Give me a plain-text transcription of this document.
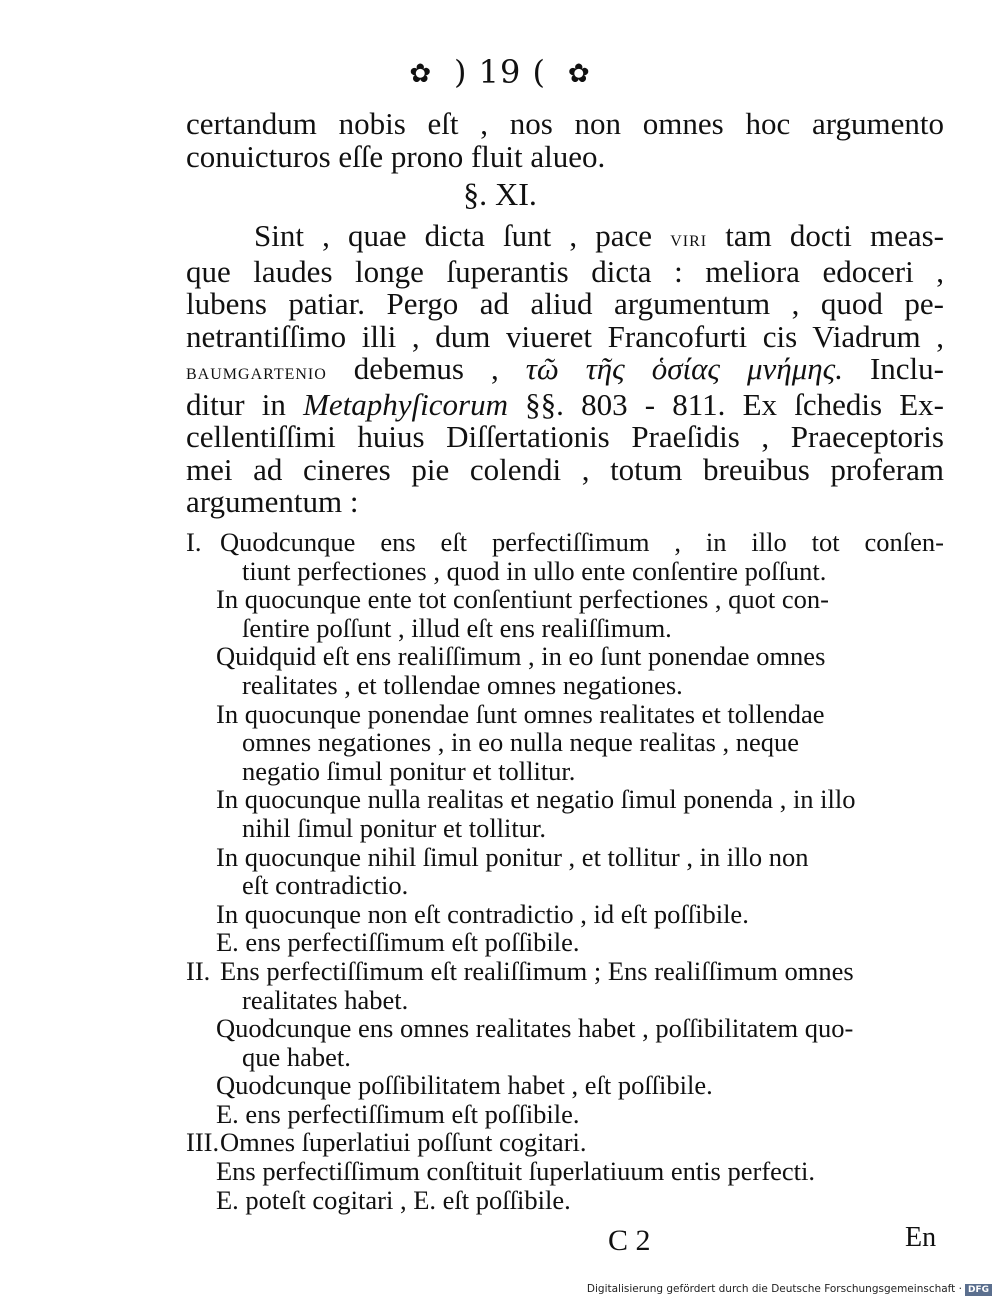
✿ ) 19 ( ✿
certandum nobis eſt , nos non omnes hoc argumento
conuicturos eſſe prono fluit alueo.
§. XI.
Sint , quae dicta ſunt , pace viri tam docti meas-
que laudes longe ſuperantis dicta : meliora edoceri ,
lubens patiar. Pergo ad aliud argumentum , quod pe-
netrantiſſimo illi , dum viueret Francofurti cis Viadrum ,
baumgartenio debemus , τῶ τῆς ὁσίας μνήμης. Inclu-
ditur in Metaphyſicorum §§. 803 - 811. Ex ſchedis Ex-
cellentiſſimi huius Diſſertationis Praeſidis , Praeceptoris
mei ad cineres pie colendi , totum breuibus proferam
argumentum :
I. Quodcunque ens eſt perfectiſſimum , in illo tot conſen-
tiunt perfectiones , quod in ullo ente conſentire poſſunt.
In quocunque ente tot conſentiunt perfectiones , quot con-
ſentire poſſunt , illud eſt ens realiſſimum.
Quidquid eſt ens realiſſimum , in eo ſunt ponendae omnes
realitates , et tollendae omnes negationes.
In quocunque ponendae ſunt omnes realitates et tollendae
omnes negationes , in eo nulla neque realitas , neque
negatio ſimul ponitur et tollitur.
In quocunque nulla realitas et negatio ſimul ponenda , in illo
nihil ſimul ponitur et tollitur.
In quocunque nihil ſimul ponitur , et tollitur , in illo non
eſt contradictio.
In quocunque non eſt contradictio , id eſt poſſibile.
E. ens perfectiſſimum eſt poſſibile.
II. Ens perfectiſſimum eſt realiſſimum ; Ens realiſſimum omnes
realitates habet.
Quodcunque ens omnes realitates habet , poſſibilitatem quo-
que habet.
Quodcunque poſſibilitatem habet , eſt poſſibile.
E. ens perfectiſſimum eſt poſſibile.
III.Omnes ſuperlatiui poſſunt cogitari.
Ens perfectiſſimum conſtituit ſuperlatiuum entis perfecti.
E. poteſt cogitari , E. eſt poſſibile.
C 2	En
Digitalisierung gefördert durch die Deutsche Forschungsgemeinschaft · DFG
